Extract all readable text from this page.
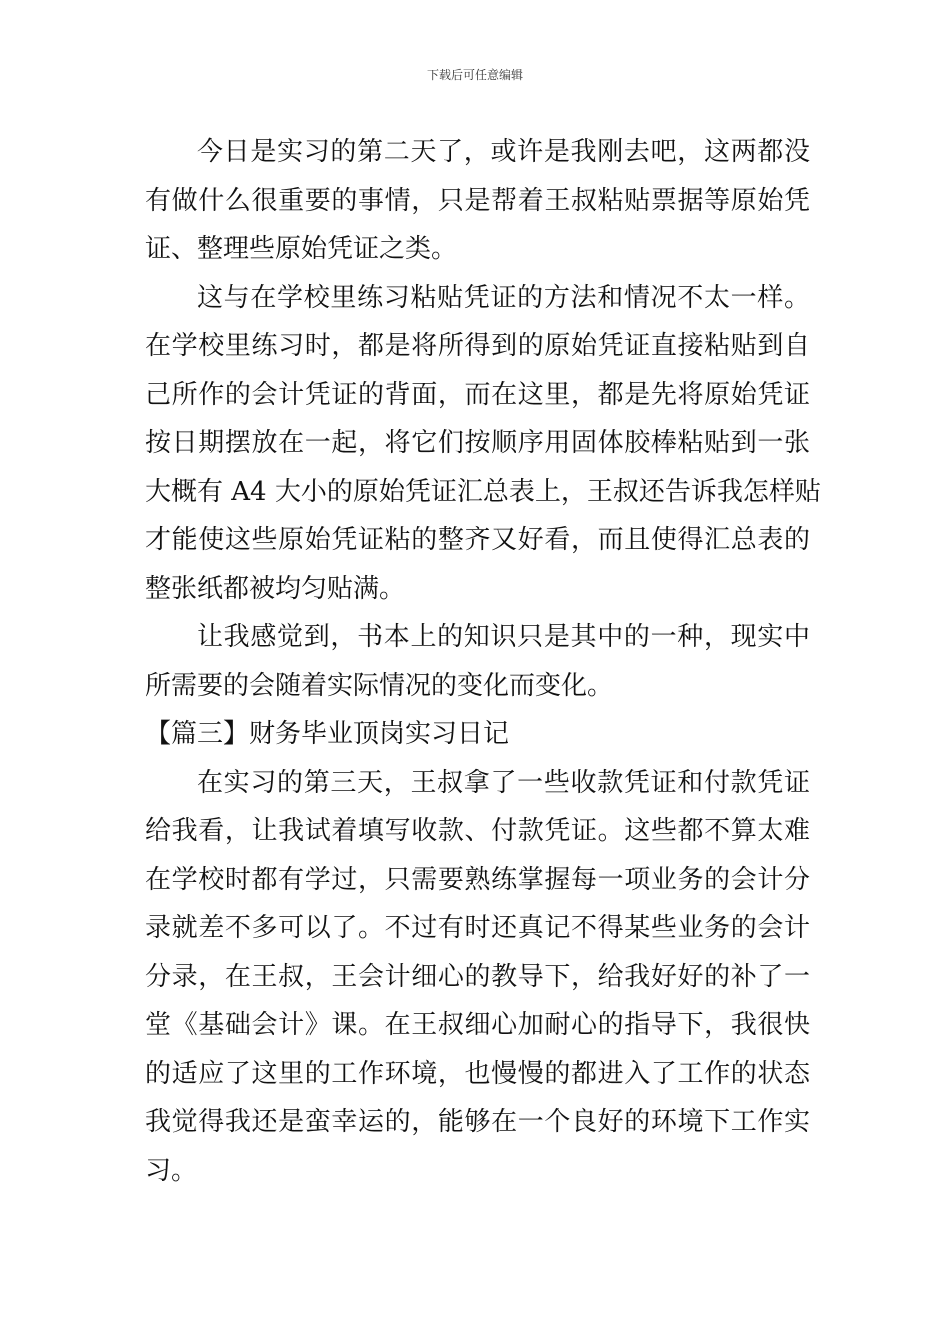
下载后可任意编辑
今日是实习的第二天了，或许是我刚去吧，这两都没
有做什么很重要的事情，只是帮着王叔粘贴票据等原始凭
证、整理些原始凭证之类。
这与在学校里练习粘贴凭证的方法和情况不太一样。
在学校里练习时，都是将所得到的原始凭证直接粘贴到自
己所作的会计凭证的背面，而在这里，都是先将原始凭证
按日期摆放在一起，将它们按顺序用固体胶棒粘贴到一张
大概有 A4 大小的原始凭证汇总表上，王叔还告诉我怎样贴
才能使这些原始凭证粘的整齐又好看，而且使得汇总表的
整张纸都被均匀贴满。
让我感觉到，书本上的知识只是其中的一种，现实中
所需要的会随着实际情况的变化而变化。
【篇三】财务毕业顶岗实习日记
在实习的第三天，王叔拿了一些收款凭证和付款凭证
给我看，让我试着填写收款、付款凭证。这些都不算太难
在学校时都有学过，只需要熟练掌握每一项业务的会计分
录就差不多可以了。不过有时还真记不得某些业务的会计
分录，在王叔，王会计细心的教导下，给我好好的补了一
堂《基础会计》课。在王叔细心加耐心的指导下，我很快
的适应了这里的工作环境，也慢慢的都进入了工作的状态
我觉得我还是蛮幸运的，能够在一个良好的环境下工作实
习。
